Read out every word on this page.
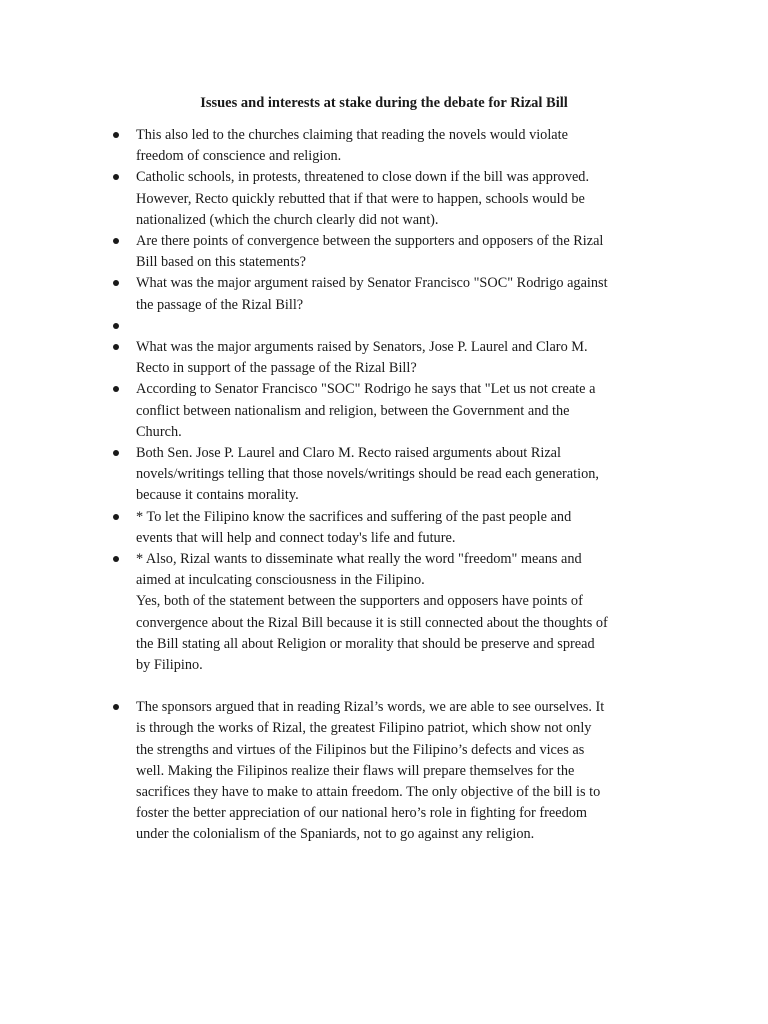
Issues and interests at stake during the debate for Rizal Bill
This also led to the churches claiming that reading the novels would violate
freedom of conscience and religion.
Catholic schools, in protests, threatened to close down if the bill was approved.
However, Recto quickly rebutted that if that were to happen, schools would be
nationalized (which the church clearly did not want).
Are there points of convergence between the supporters and opposers of the Rizal
Bill based on this statements?
What was the major argument raised by Senator Francisco "SOC" Rodrigo against
the passage of the Rizal Bill?
What was the major arguments raised by Senators, Jose P. Laurel and Claro M.
Recto in support of the passage of the Rizal Bill?
According to Senator Francisco "SOC" Rodrigo he says that "Let us not create a
conflict between nationalism and religion, between the Government and the
Church.
Both Sen. Jose P. Laurel and Claro M. Recto raised arguments about Rizal
novels/writings telling that those novels/writings should be read each generation,
because it contains morality.
* To let the Filipino know the sacrifices and suffering of the past people and
events that will help and connect today's life and future.
* Also, Rizal wants to disseminate what really the word "freedom" means and
aimed at inculcating consciousness in the Filipino.
Yes, both of the statement between the supporters and opposers have points of
convergence about the Rizal Bill because it is still connected about the thoughts of
the Bill stating all about Religion or morality that should be preserve and spread
by Filipino.
The sponsors argued that in reading Rizal’s words, we are able to see ourselves. It
is through the works of Rizal, the greatest Filipino patriot, which show not only
the strengths and virtues of the Filipinos but the Filipino’s defects and vices as
well. Making the Filipinos realize their flaws will prepare themselves for the
sacrifices they have to make to attain freedom. The only objective of the bill is to
foster the better appreciation of our national hero’s role in fighting for freedom
under the colonialism of the Spaniards, not to go against any religion.
